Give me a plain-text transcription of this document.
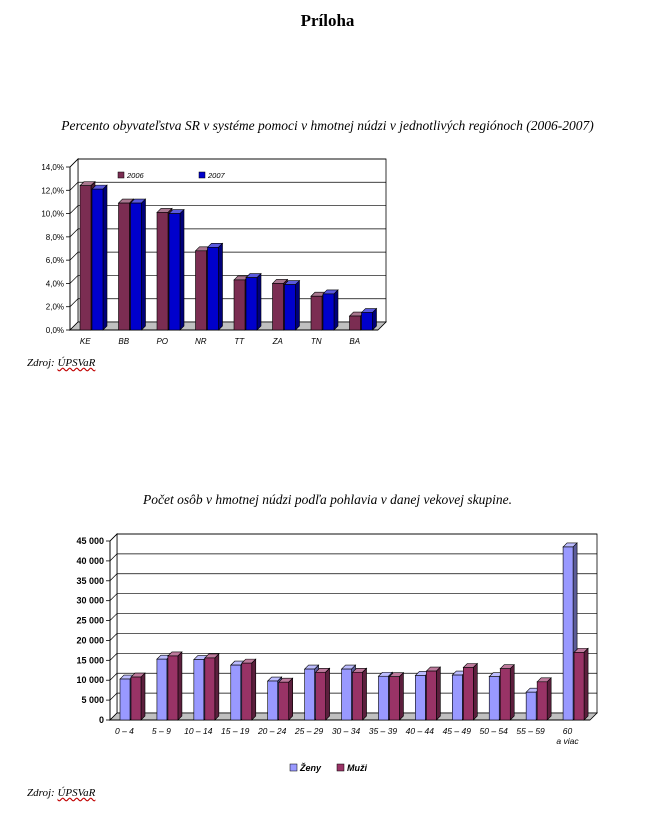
Príloha
Percento obyvateľstva SR v systéme pomoci v hmotnej núdzi v jednotlivých regiónoch (2006-2007)
0,0%
2,0%
4,0%
6,0%
8,0%
10,0%
12,0%
14,0%
KE	BB	PO	NR	TT	ZA	TN	BA
2006	2007
Zdroj: ÚPSVaR
Počet osôb v hmotnej núdzi podľa pohlavia v danej vekovej skupine.
0
5 000
10 000
15 000
20 000
25 000
30 000
35 000
40 000
45 000
0 – 4 5 – 9 10 – 14 15 – 19 20 – 24 25 – 29 30 – 34 35 – 39 40 – 44 45 – 49 50 – 54 55 – 59 60
a viac
Ženy	Muži
Zdroj: ÚPSVaR
